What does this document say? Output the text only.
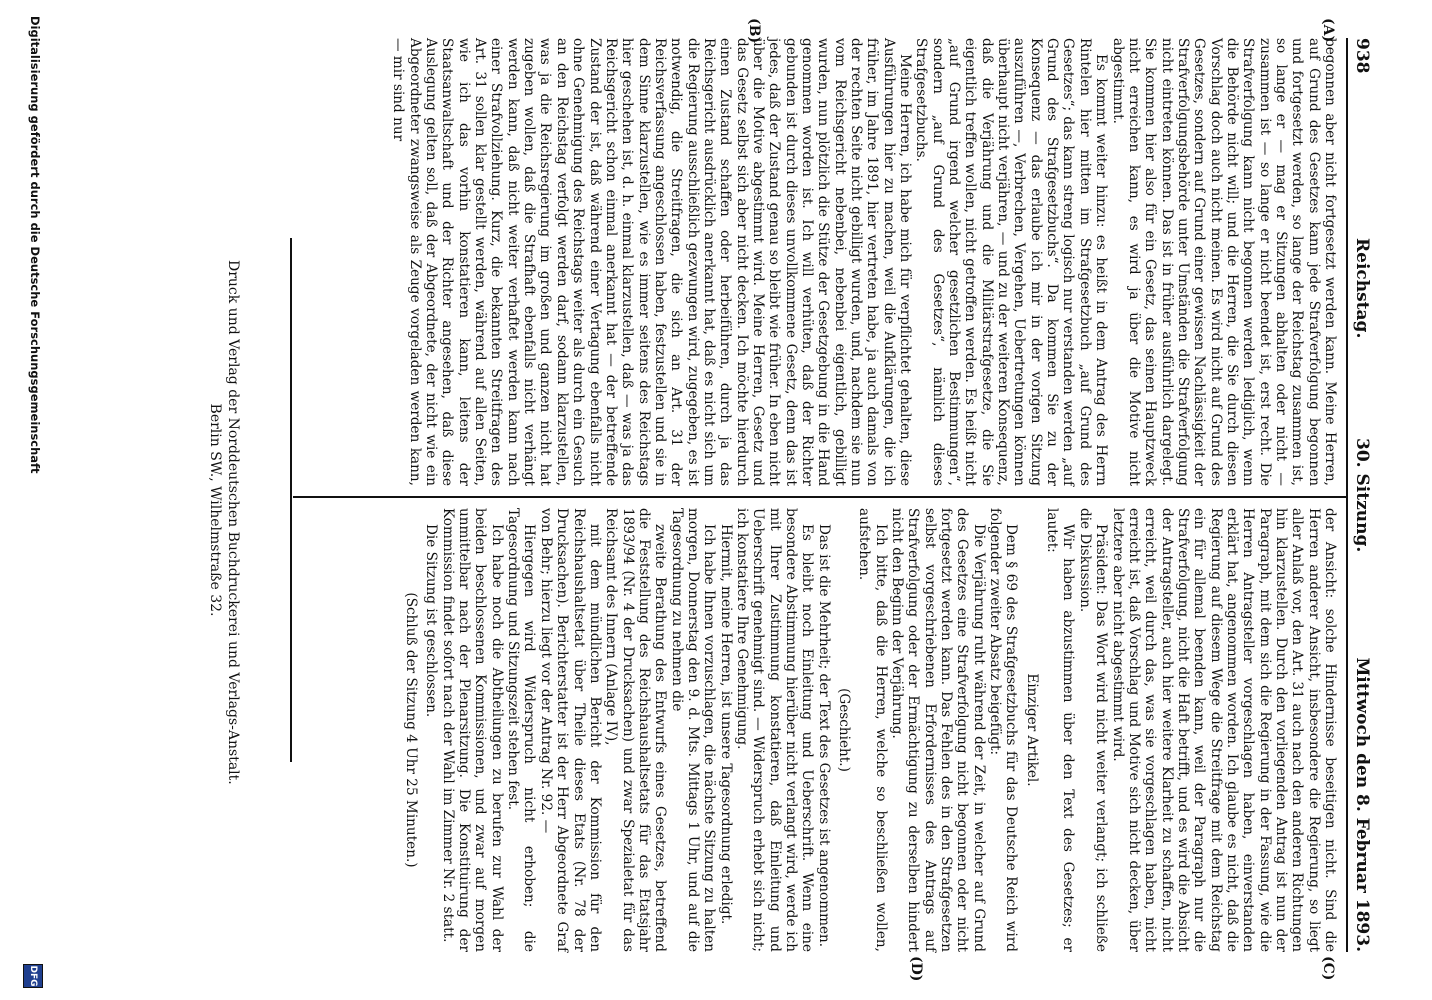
938
Reichstag.
30. Sitzung.
Mittwoch den 8. Februar 1893.
(A)
(B)
(C)
(D)

begonnen aber nicht fortgesetzt werden kann. Meine Herren, auf Grund des Gesetzes kann jede Strafverfolgung begonnen und fortgesetzt werden, so lange der Reichstag zusammen ist, so lange er — mag er Sitzungen abhalten oder nicht — zusammen ist — so lange er nicht beendet ist, erst recht. Die Strafverfolgung kann nicht begonnen werden lediglich, wenn die Behörde nicht will; und die Herren, die Sie durch diesen Vorschlag doch auch nicht meinen. Es wird nicht auf Grund des Gesetzes, sondern auf Grund einer gewissen Nachlässigkeit der Strafverfolgungsbehörde unter Umständen die Strafverfolgung nicht eintreten können. Das ist in früher ausführlich dargelegt. Sie kommen hier also für ein Gesetz, das seinen Hauptzweck nicht erreichen kann, es wird ja über die Motive nicht abgestimmt.

Es kommt weiter hinzu: es heißt in dem Antrag des Herrn Rintelen hier mitten im Strafgesetzbuch „auf Grund des Gesetzes“; das kann streng logisch nur verstanden werden „auf Grund des Strafgesetzbuchs“. Da kommen Sie zu der Konsequenz — das erlaube ich mir in der vorigen Sitzung auszuführen —, Verbrechen, Vergehen, Uebertretungen können überhaupt nicht verjähren, — und zu der weiteren Konsequenz, daß die Verjährung und die Militärstrafgesetze, die Sie eigentlich treffen wollen, nicht getroffen werden. Es heißt nicht „auf Grund irgend welcher gesetzlichen Bestimmungen“, sondern „auf Grund des Gesetzes“, nämlich dieses Strafgesetzbuchs.

Meine Herren, ich habe mich für verpflichtet gehalten, diese Ausführungen hier zu machen, weil die Aufklärungen, die ich früher, im Jahre 1891, hier vertreten habe, ja auch damals von der rechten Seite nicht gebilligt wurden, und, nachdem sie nun vom Reichsgericht nebenbei, nebenbei eigentlich, gebilligt wurden, nun plötzlich die Stütze der Gesetzgebung in die Hand genommen worden ist. Ich will verhüten, daß der Richter gebunden ist durch dieses unvollkommene Gesetz, denn das ist jedes, daß der Zustand genau so bleibt wie früher. In eben nicht über die Motive abgestimmt wird. Meine Herren, Gesetz und das Gesetz selbst sich aber nicht decken. Ich möchte hierdurch einen Zustand schaffen oder herbeiführen, durch ja das Reichsgericht ausdrücklich anerkannt hat, daß es nicht sich um die Regierung ausschließlich gezwungen wird, zugegeben, es ist notwendig, die Streitfragen, die sich an Art. 31 der Reichsverfassung angeschlossen haben, festzustellen und sie in dem Sinne klarzustellen, wie es immer seitens des Reichstags hier geschehen ist, d. h. einmal klarzustellen, daß — was ja das Reichsgericht schon einmal anerkannt hat — der betreffende Zustand der ist, daß während einer Vertagung ebenfalls nicht ohne Genehmigung des Reichstags weiter als durch ein Gesuch an den Reichstag verfolgt werden darf, sodann klarzustellen, was ja die Reichsregierung im großen und ganzen nicht hat zugeben wollen, daß die Strafhaft ebenfalls nicht verhängt werden kann, daß nicht weiter verhaftet werden kann nach einer Strafvollziehung. Kurz, die bekannten Streitfragen des Art. 31 sollen klar gestellt werden, während auf allen Seiten, wie ich das vorhin konstatieren kann, leitens der Staatsanwaltschaft und der Richter angesehen, daß diese Auslegung gelten soll, daß der Abgeordnete, der nicht wie ein Abgeordneter zwangsweise als Zeuge vorgeladen werden kann, — mir sind nur

der Ansicht: solche Hindernisse beseitigen nicht. Sind die Herren anderer Ansicht, insbesondere die Regierung, so liegt aller Anlaß vor, den Art. 31 auch nach den anderen Richtungen hin klarzustellen. Durch den vorliegenden Antrag ist nun der Paragraph, mit dem sich die Regierung in der Fassung, wie die Herren Antragsteller vorgeschlagen haben, einverstanden erklärt hat, angenommen worden. Ich glaube es nicht, daß die Regierung auf diesem Wege die Streitfrage mit dem Reichstag ein für allemal beenden kann, weil der Paragraph nur die Strafverfolgung, nicht die Haft betrifft, und es wird die Absicht der Antragsteller, auch hier weitere Klarheit zu schaffen, nicht erreicht, weil durch das, was sie vorgeschlagen haben, nicht erreicht ist, daß Vorschlag und Motive sich nicht decken, über letztere aber nicht abgestimmt wird.

Präsident: Das Wort wird nicht weiter verlangt; ich schließe die Diskussion.

Wir haben abzustimmen über den Text des Gesetzes; er lautet:

Einziger Artikel.

Dem § 69 des Strafgesetzbuchs für das Deutsche Reich wird folgender zweiter Absatz beigefügt:

Die Verjährung ruht während der Zeit, in welcher auf Grund des Gesetzes eine Strafverfolgung nicht begonnen oder nicht fortgesetzt werden kann. Das Fehlen des in den Strafgesetzen selbst vorgeschriebenen Erfordernisses des Antrags auf Strafverfolgung oder der Ermächtigung zu derselben hindert nicht den Beginn der Verjährung.

Ich bitte, daß die Herren, welche so beschließen wollen, aufstehen.

(Geschieht.)

Das ist die Mehrheit; der Text des Gesetzes ist angenommen.

Es bleibt noch Einleitung und Ueberschrift. Wenn eine besondere Abstimmung hierüber nicht verlangt wird, werde ich mit Ihrer Zustimmung konstatieren, daß Einleitung und Ueberschrift genehmigt sind. — Widerspruch erhebt sich nicht; ich konstatiere Ihre Genehmigung.

Hiermit, meine Herren, ist unsere Tagesordnung erledigt.

Ich habe Ihnen vorzuschlagen, die nächste Sitzung zu halten morgen, Donnerstag den 9. d. Mts. Mittags 1 Uhr, und auf die Tagesordnung zu nehmen die

zweite Berathung des Entwurfs eines Gesetzes, betreffend die Feststellung des Reichshaushaltsetats für das Etatsjahr 1893/94 (Nr. 4 der Drucksachen) und zwar Spezialetat für das Reichsamt des Innern (Anlage IV),

mit dem mündlichen Bericht der Kommission für den Reichshaushaltsetat über Theile dieses Etats (Nr. 78 der Drucksachen). Berichterstatter ist der Herr Abgeordnete Graf von Behr; hierzu liegt vor der Antrag Nr. 92. —

Hiergegen wird Widerspruch nicht erhoben; die Tagesordnung und Sitzungszeit stehen fest.

Ich habe noch die Abtheilungen zu berufen zur Wahl der beiden beschlossenen Kommissionen, und zwar auf morgen unmittelbar nach der Plenarsitzung. Die Konstituirung der Kommission findet sofort nach der Wahl im Zimmer Nr. 2 statt.

Die Sitzung ist geschlossen.

(Schluß der Sitzung 4 Uhr 25 Minuten.)

Druck und Verlag der Norddeutschen Buchdruckerei und Verlags-Anstalt.
Berlin SW., Wilhelmstraße 32.
Digitalisierung gefördert durch die Deutsche Forschungsgemeinschaft
DFG
